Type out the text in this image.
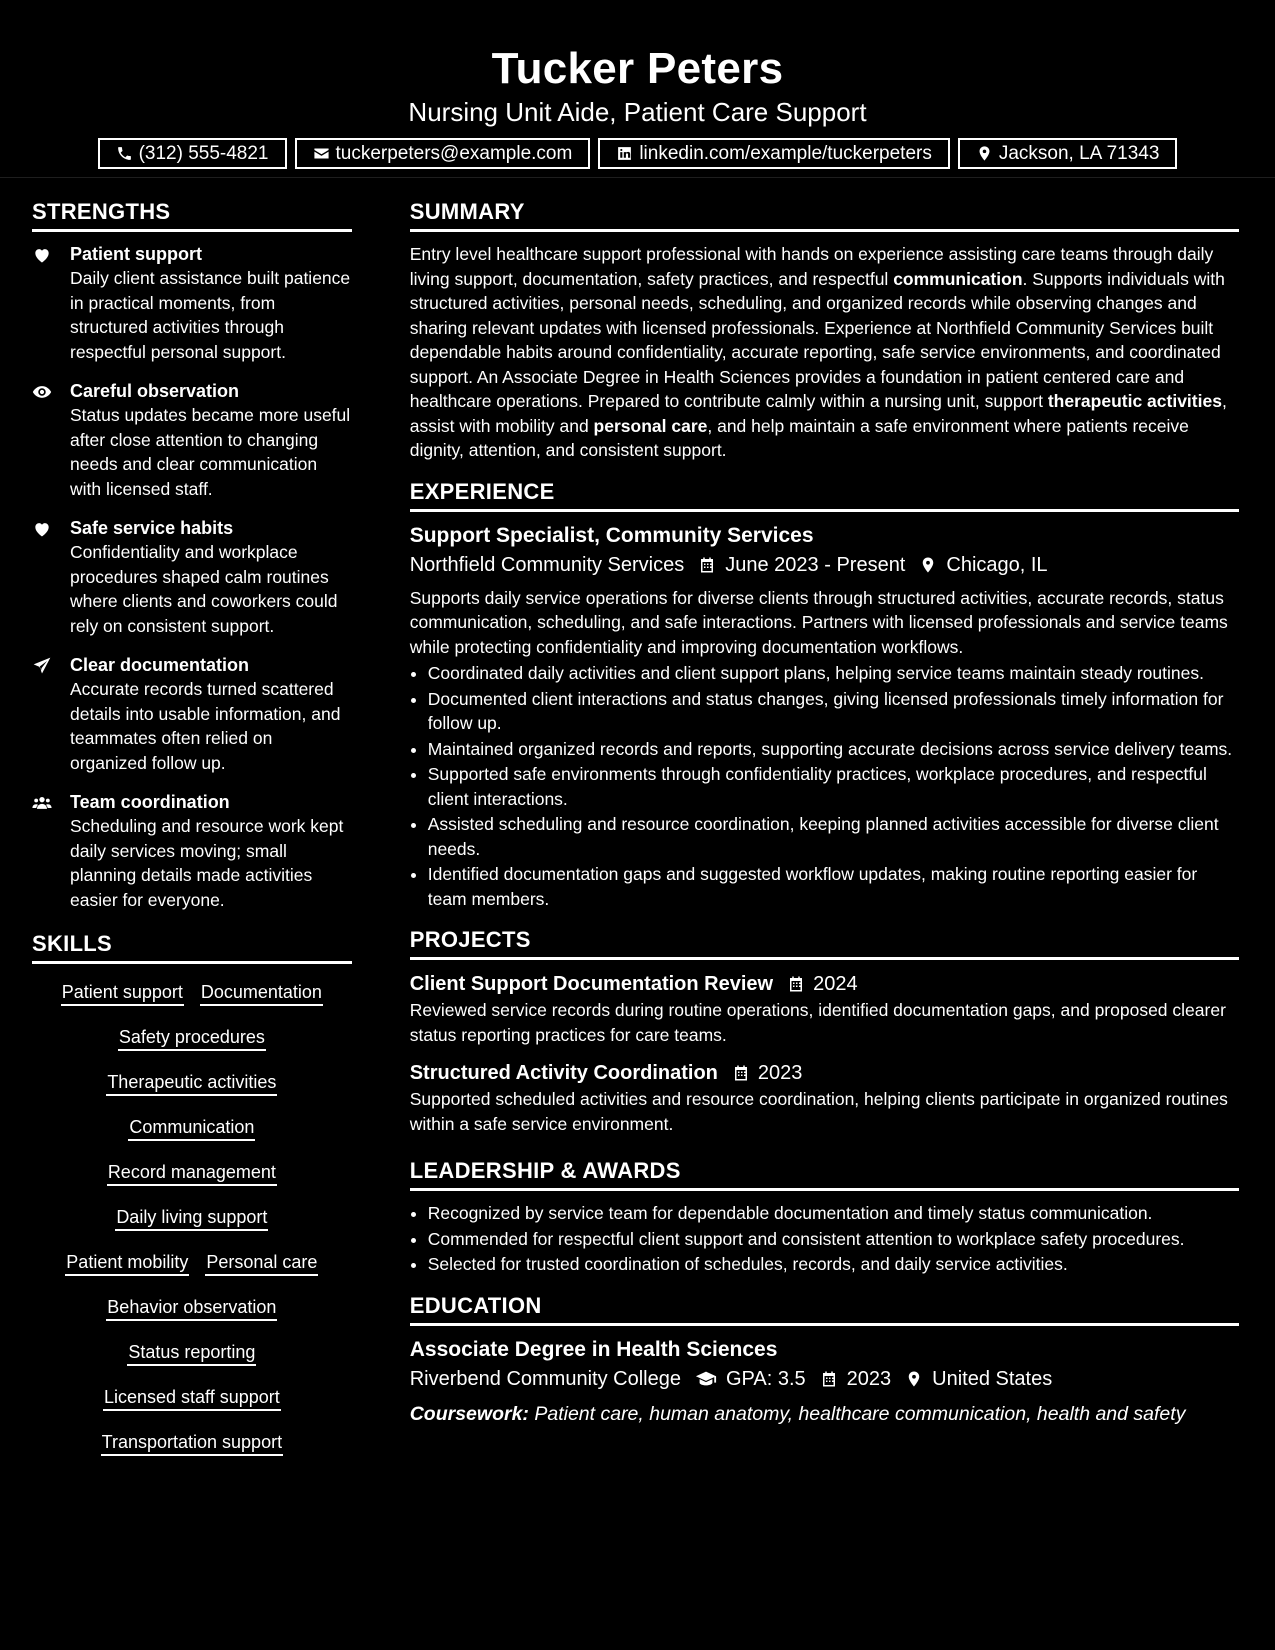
Tucker Peters
Nursing Unit Aide, Patient Care Support
(312) 555-4821	tuckerpeters@example.com	linkedin.com/example/tuckerpeters	Jackson, LA 71343
STRENGTHS
Patient support
Daily client assistance built patience in practical moments, from structured activities through respectful personal support.
Careful observation
Status updates became more useful after close attention to changing needs and clear communication with licensed staff.
Safe service habits
Confidentiality and workplace procedures shaped calm routines where clients and coworkers could rely on consistent support.
Clear documentation
Accurate records turned scattered details into usable information, and teammates often relied on organized follow up.
Team coordination
Scheduling and resource work kept daily services moving; small planning details made activities easier for everyone.
SKILLS
Patient support Documentation
Safety procedures
Therapeutic activities
Communication
Record management
Daily living support
Patient mobility Personal care
Behavior observation
Status reporting
Licensed staff support
Transportation support
SUMMARY

Entry level healthcare support professional with hands on experience assisting care teams through daily living support, documentation, safety practices, and respectful communication. Supports individuals with structured activities, personal needs, scheduling, and organized records while observing changes and sharing relevant updates with licensed professionals. Experience at Northfield Community Services built dependable habits around confidentiality, accurate reporting, safe service environments, and coordinated support. An Associate Degree in Health Sciences provides a foundation in patient centered care and healthcare operations. Prepared to contribute calmly within a nursing unit, support therapeutic activities, assist with mobility and personal care, and help maintain a safe environment where patients receive dignity, attention, and consistent support.

EXPERIENCE
Support Specialist, Community Services
Northfield Community Services June 2023 - Present Chicago, IL

Supports daily service operations for diverse clients through structured activities, accurate records, status communication, scheduling, and safe interactions. Partners with licensed professionals and service teams while protecting confidentiality and improving documentation workflows.

• Coordinated daily activities and client support plans, helping service teams maintain steady routines.
• Documented client interactions and status changes, giving licensed professionals timely information for follow up.
• Maintained organized records and reports, supporting accurate decisions across service delivery teams.
• Supported safe environments through confidentiality practices, workplace procedures, and respectful client interactions.
• Assisted scheduling and resource coordination, keeping planned activities accessible for diverse client needs.
• Identified documentation gaps and suggested workflow updates, making routine reporting easier for team members.
PROJECTS
Client Support Documentation Review 2024

Reviewed service records during routine operations, identified documentation gaps, and proposed clearer status reporting practices for care teams.

Structured Activity Coordination 2023

Supported scheduled activities and resource coordination, helping clients participate in organized routines within a safe service environment.

LEADERSHIP & AWARDS
• Recognized by service team for dependable documentation and timely status communication.
• Commended for respectful client support and consistent attention to workplace safety procedures.
• Selected for trusted coordination of schedules, records, and daily service activities.
EDUCATION
Associate Degree in Health Sciences
Riverbend Community College GPA: 3.5 2023 United States
Coursework: Patient care, human anatomy, healthcare communication, health and safety
